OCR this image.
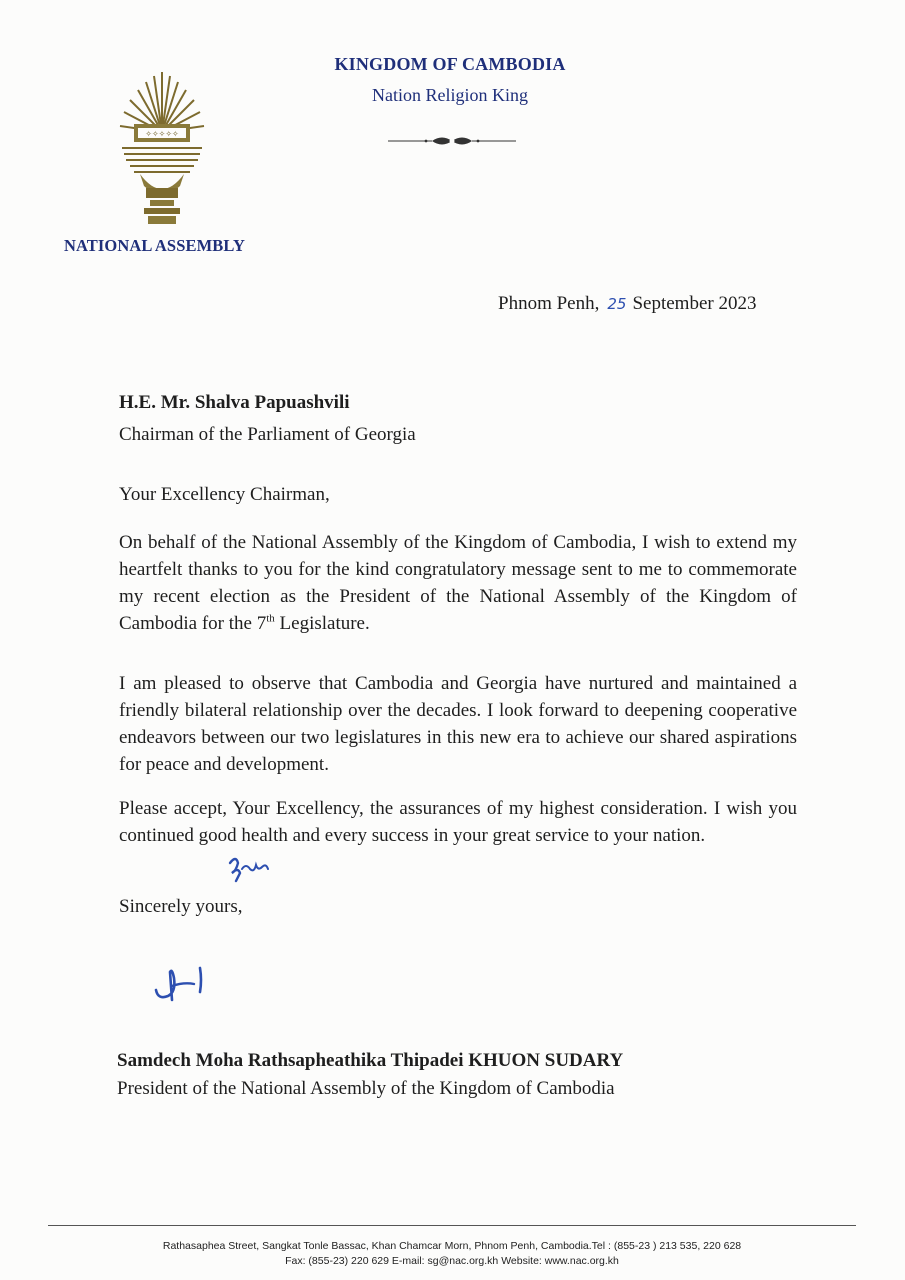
✧✧✧✧✧
KINGDOM OF CAMBODIA
Nation Religion King
NATIONAL ASSEMBLY
Phnom Penh, 25 September 2023
H.E. Mr. Shalva Papuashvili
Chairman of the Parliament of Georgia
Your Excellency Chairman,
On behalf of the National Assembly of the Kingdom of Cambodia, I wish to extend my heartfelt thanks to you for the kind congratulatory message sent to me to commemorate my recent election as the President of the National Assembly of the Kingdom of Cambodia for the 7th Legislature.
I am pleased to observe that Cambodia and Georgia have nurtured and maintained a friendly bilateral relationship over the decades. I look forward to deepening cooperative endeavors between our two legislatures in this new era to achieve our shared aspirations for peace and development.
Please accept, Your Excellency, the assurances of my highest consideration. I wish you continued good health and every success in your great service to your nation.
Sincerely yours,
Samdech Moha Rathsapheathika Thipadei KHUON SUDARY
President of the National Assembly of the Kingdom of Cambodia
Rathasaphea Street, Sangkat Tonle Bassac, Khan Chamcar Morn, Phnom Penh, Cambodia.Tel : (855-23 ) 213 535, 220 628
Fax: (855-23) 220 629 E-mail: sg@nac.org.kh Website: www.nac.org.kh
